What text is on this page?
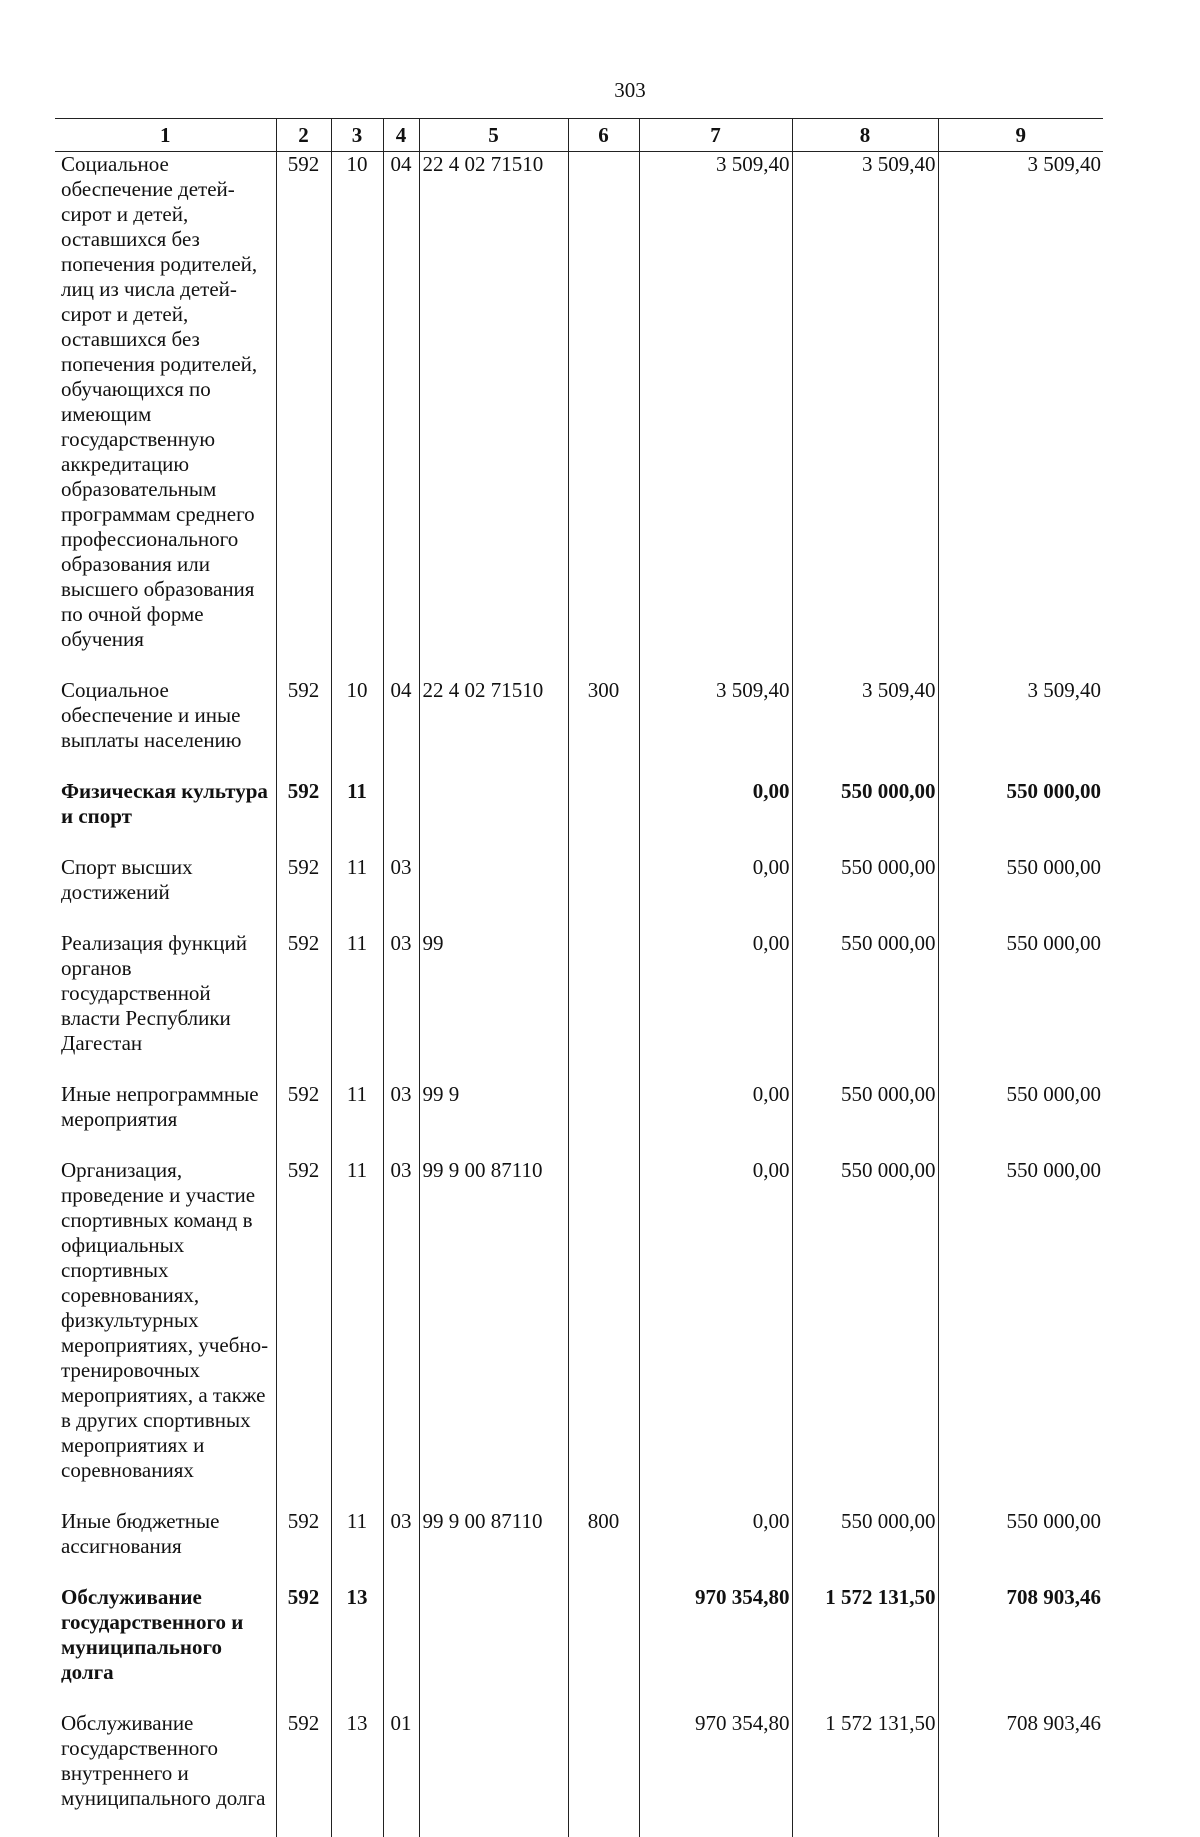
303
1	2	3	4	5	6	7	8	9
Социальное обеспечение детей-сирот и детей, оставшихся без попечения родителей, лиц из числа детей-сирот и детей, оставшихся без попечения родителей, обучающихся по имеющим государственную аккредитацию образовательным программам среднего профессионального образования или высшего образования по очной форме обучения	592	10	04	22 4 02 71510		3 509,40	3 509,40	3 509,40
Социальное обеспечение и иные выплаты населению	592	10	04	22 4 02 71510	300	3 509,40	3 509,40	3 509,40
Физическая культура и спорт	592	11				0,00	550 000,00	550 000,00
Спорт высших достижений	592	11	03			0,00	550 000,00	550 000,00
Реализация функций органов государственной власти Республики Дагестан	592	11	03	99		0,00	550 000,00	550 000,00
Иные непрограммные мероприятия	592	11	03	99 9		0,00	550 000,00	550 000,00
Организация, проведение и участие спортивных команд в официальных спортивных соревнованиях, физкультурных мероприятиях, учебно-тренировочных мероприятиях, а также в других спортивных мероприятиях и соревнованиях	592	11	03	99 9 00 87110		0,00	550 000,00	550 000,00
Иные бюджетные ассигнования	592	11	03	99 9 00 87110	800	0,00	550 000,00	550 000,00
Обслуживание государственного и муниципального долга	592	13				970 354,80	1 572 131,50	708 903,46
Обслуживание государственного внутреннего и муниципального долга	592	13	01			970 354,80	1 572 131,50	708 903,46
